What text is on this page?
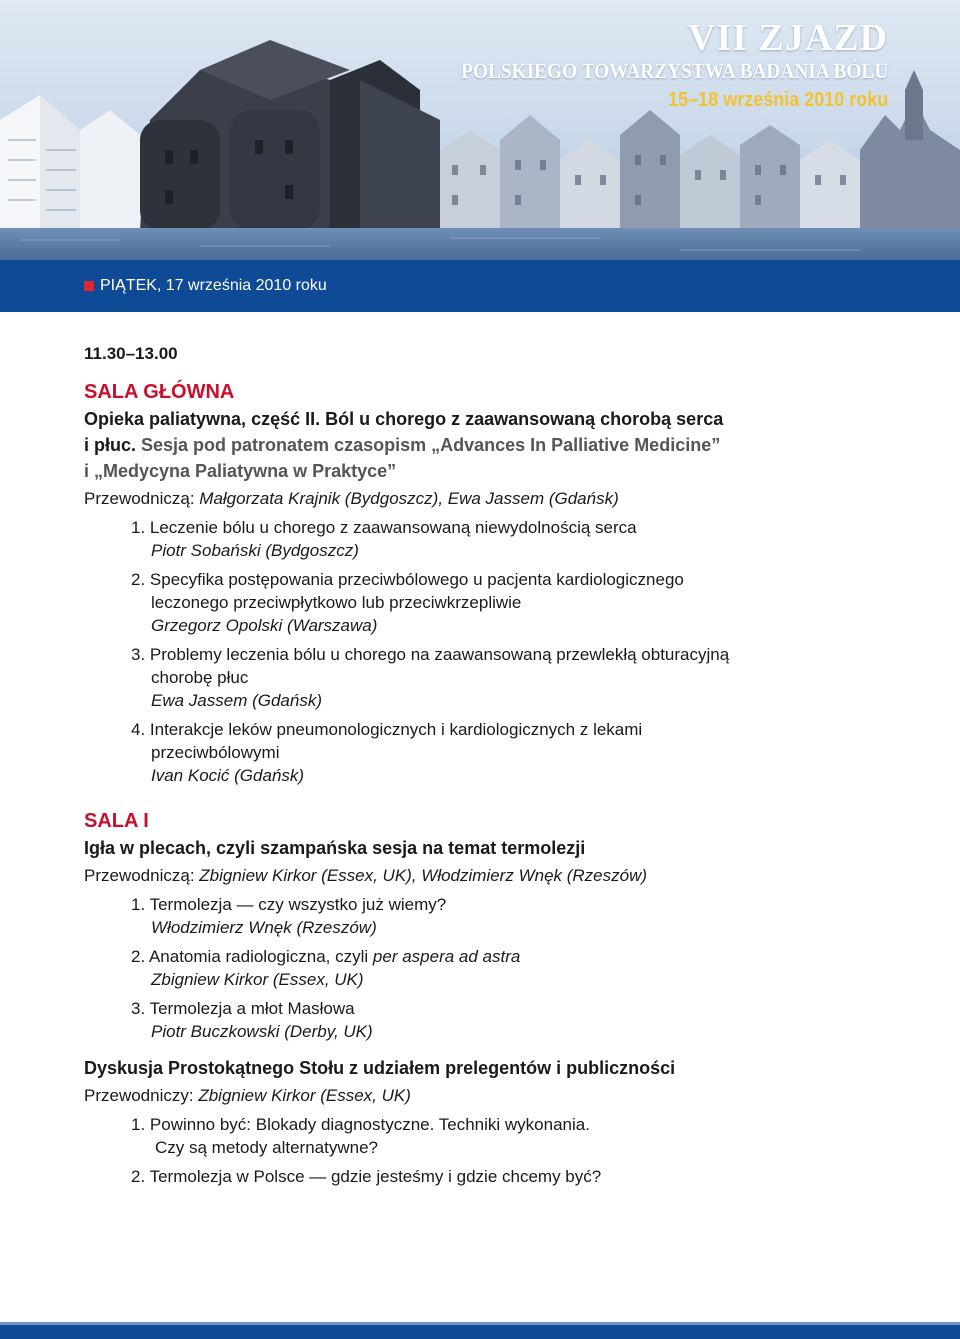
VII ZJAZD
POLSKIEGO TOWARZYSTWA BADANIA BÓLU
15–18 września 2010 roku
PIĄTEK, 17 września 2010 roku
11.30–13.00
SALA GŁÓWNA
Opieka paliatywna, część II. Ból u chorego z zaawansowaną chorobą serca
i płuc. Sesja pod patronatem czasopism „Advances In Palliative Medicine”
i „Medycyna Paliatywna w Praktyce”
Przewodniczą: Małgorzata Krajnik (Bydgoszcz), Ewa Jassem (Gdańsk)
1. Leczenie bólu u chorego z zaawansowaną niewydolnością serca
Piotr Sobański (Bydgoszcz)
2. Specyfika postępowania przeciwbólowego u pacjenta kardiologicznego
leczonego przeciwpłytkowo lub przeciwkrzepliwie
Grzegorz Opolski (Warszawa)
3. Problemy leczenia bólu u chorego na zaawansowaną przewlekłą obturacyjną
chorobę płuc
Ewa Jassem (Gdańsk)
4. Interakcje leków pneumonologicznych i kardiologicznych z lekami
przeciwbólowymi
Ivan Kocić (Gdańsk)
SALA I
Igła w plecach, czyli szampańska sesja na temat termolezji
Przewodniczą: Zbigniew Kirkor (Essex, UK), Włodzimierz Wnęk (Rzeszów)
1. Termolezja — czy wszystko już wiemy?
Włodzimierz Wnęk (Rzeszów)
2. Anatomia radiologiczna, czyli per aspera ad astra
Zbigniew Kirkor (Essex, UK)
3. Termolezja a młot Masłowa
Piotr Buczkowski (Derby, UK)
Dyskusja Prostokątnego Stołu z udziałem prelegentów i publiczności
Przewodniczy: Zbigniew Kirkor (Essex, UK)
1. Powinno być: Blokady diagnostyczne. Techniki wykonania.
Czy są metody alternatywne?
2. Termolezja w Polsce — gdzie jesteśmy i gdzie chcemy być?
